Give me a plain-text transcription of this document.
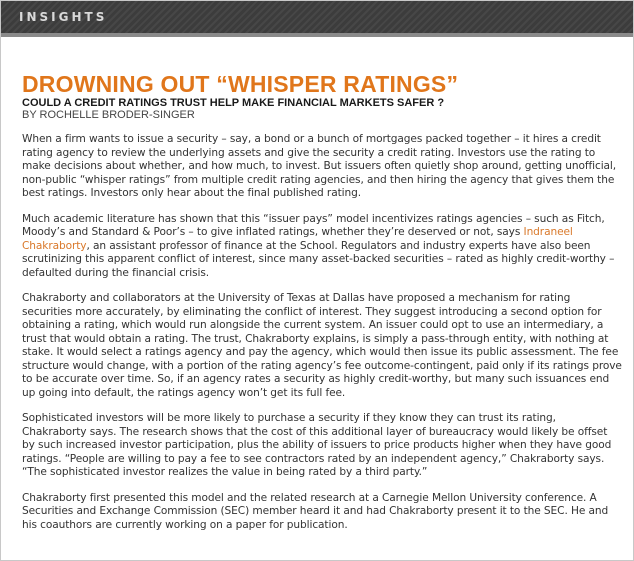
INSIGHTS
DROWNING OUT “WHISPER RATINGS”

COULD A CREDIT RATINGS TRUST HELP MAKE FINANCIAL MARKETS SAFER ?

BY ROCHELLE BRODER-SINGER

When a firm wants to issue a security – say, a bond or a bunch of mortgages packed together – it hires a credit rating agency to review the underlying assets and give the security a credit rating. Investors use the rating to make decisions about whether, and how much, to invest. But issuers often quietly shop around, getting unofficial, non-public “whisper ratings” from multiple credit rating agencies, and then hiring the agency that gives them the best ratings. Investors only hear about the final published rating.

Much academic literature has shown that this “issuer pays” model incentivizes ratings agencies – such as Fitch, Moody’s and Standard & Poor’s – to give inflated ratings, whether they’re deserved or not, says Indraneel Chakraborty, an assistant professor of finance at the School. Regulators and industry experts have also been scrutinizing this apparent conflict of interest, since many asset-backed securities – rated as highly credit-worthy – defaulted during the financial crisis.

Chakraborty and collaborators at the University of Texas at Dallas have proposed a mechanism for rating securities more accurately, by eliminating the conflict of interest. They suggest introducing a second option for obtaining a rating, which would run alongside the current system. An issuer could opt to use an intermediary, a trust that would obtain a rating. The trust, Chakraborty explains, is simply a pass-through entity, with nothing at stake. It would select a ratings agency and pay the agency, which would then issue its public assessment. The fee structure would change, with a portion of the rating agency’s fee outcome-contingent, paid only if its ratings prove to be accurate over time. So, if an agency rates a security as highly credit-worthy, but many such issuances end up going into default, the ratings agency won’t get its full fee.

Sophisticated investors will be more likely to purchase a security if they know they can trust its rating, Chakraborty says. The research shows that the cost of this additional layer of bureaucracy would likely be offset by such increased investor participation, plus the ability of issuers to price products higher when they have good ratings. “People are willing to pay a fee to see contractors rated by an independent agency,” Chakraborty says. “The sophisticated investor realizes the value in being rated by a third party.”

Chakraborty first presented this model and the related research at a Carnegie Mellon University conference. A Securities and Exchange Commission (SEC) member heard it and had Chakraborty present it to the SEC. He and his coauthors are currently working on a paper for publication.
